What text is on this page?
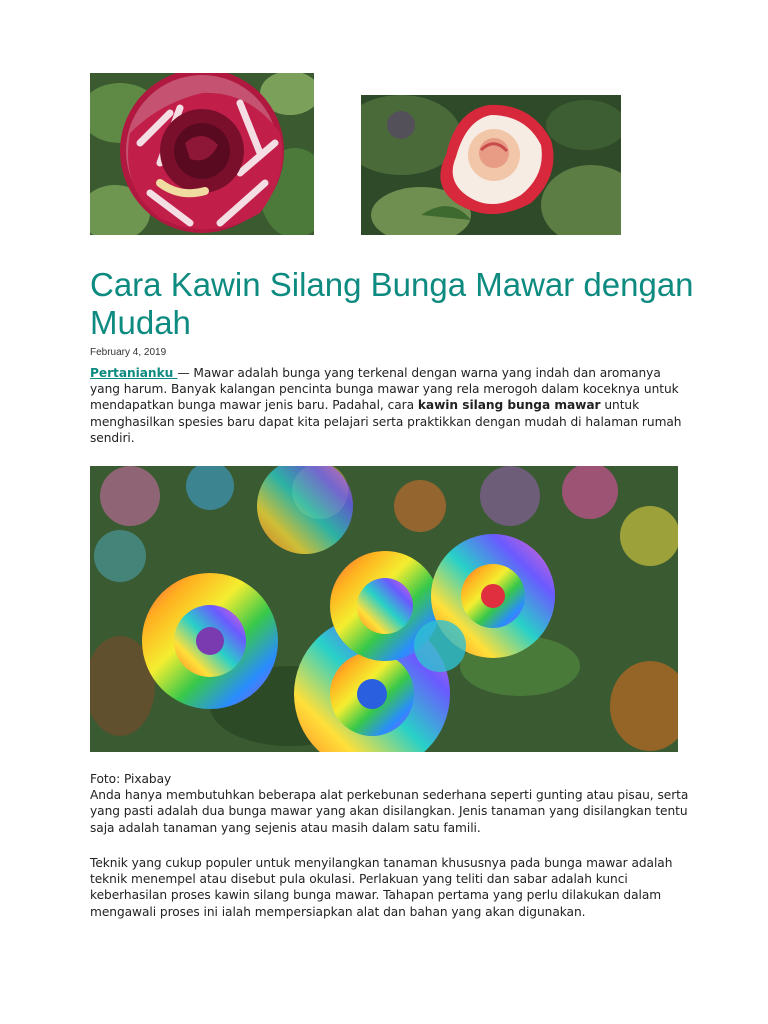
Cara Kawin Silang Bunga Mawar dengan Mudah

February 4, 2019

Pertanianku — Mawar adalah bunga yang terkenal dengan warna yang indah dan aromanya yang harum. Banyak kalangan pencinta bunga mawar yang rela merogoh dalam koceknya untuk mendapatkan bunga mawar jenis baru. Padahal, cara kawin silang bunga mawar untuk menghasilkan spesies baru dapat kita pelajari serta praktikkan dengan mudah di halaman rumah sendiri.

Foto: Pixabay
Anda hanya membutuhkan beberapa alat perkebunan sederhana seperti gunting atau pisau, serta yang pasti adalah dua bunga mawar yang akan disilangkan. Jenis tanaman yang disilangkan tentu saja adalah tanaman yang sejenis atau masih dalam satu famili.

Teknik yang cukup populer untuk menyilangkan tanaman khususnya pada bunga mawar adalah teknik menempel atau disebut pula okulasi. Perlakuan yang teliti dan sabar adalah kunci keberhasilan proses kawin silang bunga mawar. Tahapan pertama yang perlu dilakukan dalam mengawali proses ini ialah mempersiapkan alat dan bahan yang akan digunakan.
